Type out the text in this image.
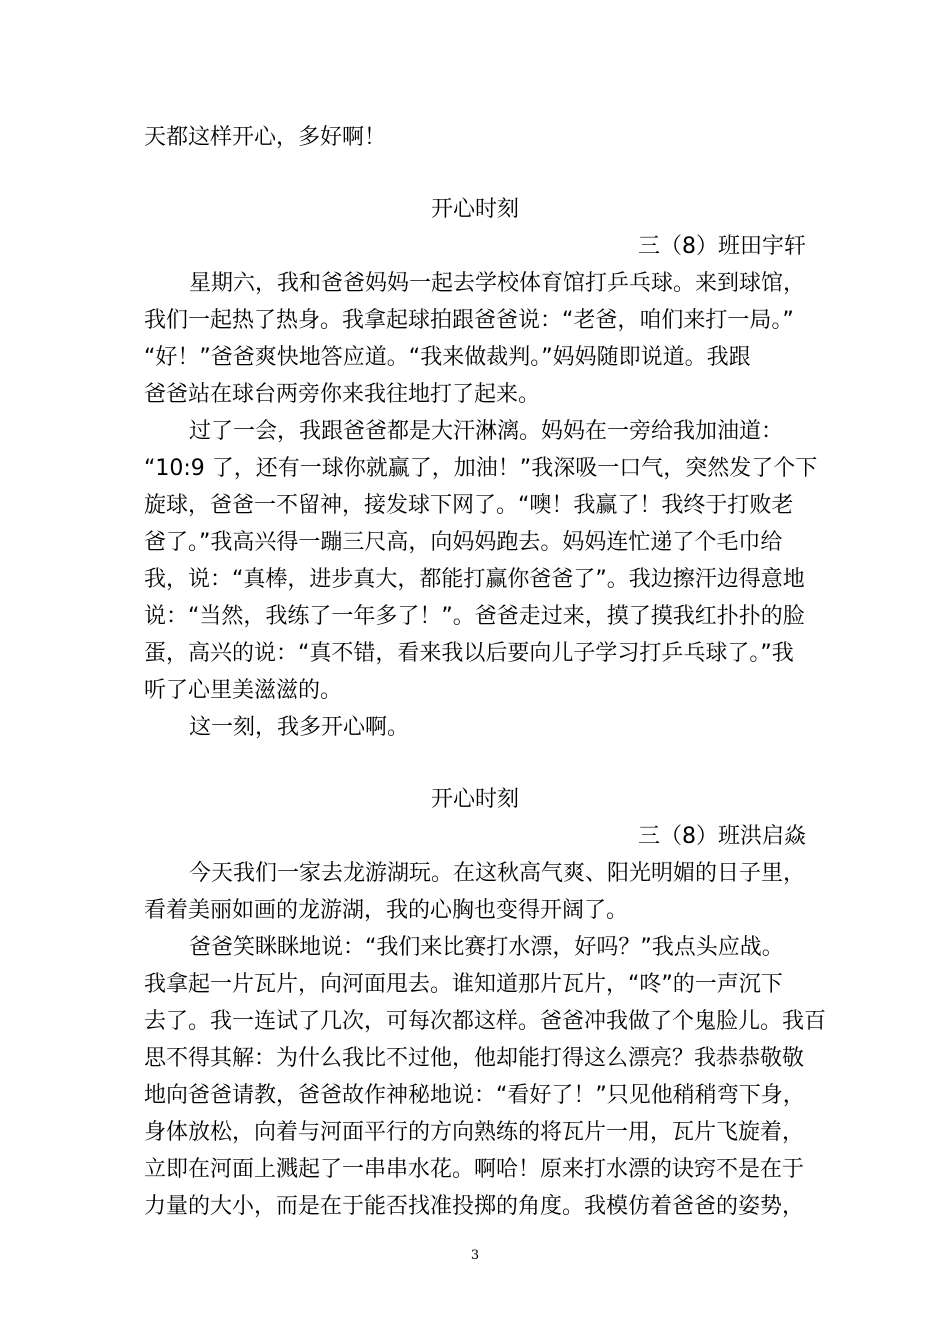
天都这样开心，多好啊！
开心时刻
三（8）班田宇轩
星期六，我和爸爸妈妈一起去学校体育馆打乒乓球。来到球馆，
我们一起热了热身。我拿起球拍跟爸爸说：“老爸，咱们来打一局。”
“好！”爸爸爽快地答应道。“我来做裁判。”妈妈随即说道。我跟
爸爸站在球台两旁你来我往地打了起来。
过了一会，我跟爸爸都是大汗淋漓。妈妈在一旁给我加油道：
“10:9 了，还有一球你就赢了，加油！”我深吸一口气，突然发了个下
旋球，爸爸一不留神，接发球下网了。“噢！我赢了！我终于打败老
爸了。”我高兴得一蹦三尺高，向妈妈跑去。妈妈连忙递了个毛巾给
我，说：“真棒，进步真大，都能打赢你爸爸了”。我边擦汗边得意地
说：“当然，我练了一年多了！”。爸爸走过来，摸了摸我红扑扑的脸
蛋，高兴的说：“真不错，看来我以后要向儿子学习打乒乓球了。”我
听了心里美滋滋的。
这一刻，我多开心啊。
开心时刻
三（8）班洪启焱
今天我们一家去龙游湖玩。在这秋高气爽、阳光明媚的日子里，
看着美丽如画的龙游湖，我的心胸也变得开阔了。
爸爸笑眯眯地说：“我们来比赛打水漂，好吗？”我点头应战。
我拿起一片瓦片，向河面甩去。谁知道那片瓦片，“咚”的一声沉下
去了。我一连试了几次，可每次都这样。爸爸冲我做了个鬼脸儿。我百
思不得其解：为什么我比不过他，他却能打得这么漂亮？我恭恭敬敬
地向爸爸请教，爸爸故作神秘地说：“看好了！”只见他稍稍弯下身，
身体放松，向着与河面平行的方向熟练的将瓦片一用，瓦片飞旋着，
立即在河面上溅起了一串串水花。啊哈！原来打水漂的诀窍不是在于
力量的大小，而是在于能否找准投掷的角度。我模仿着爸爸的姿势，
3
